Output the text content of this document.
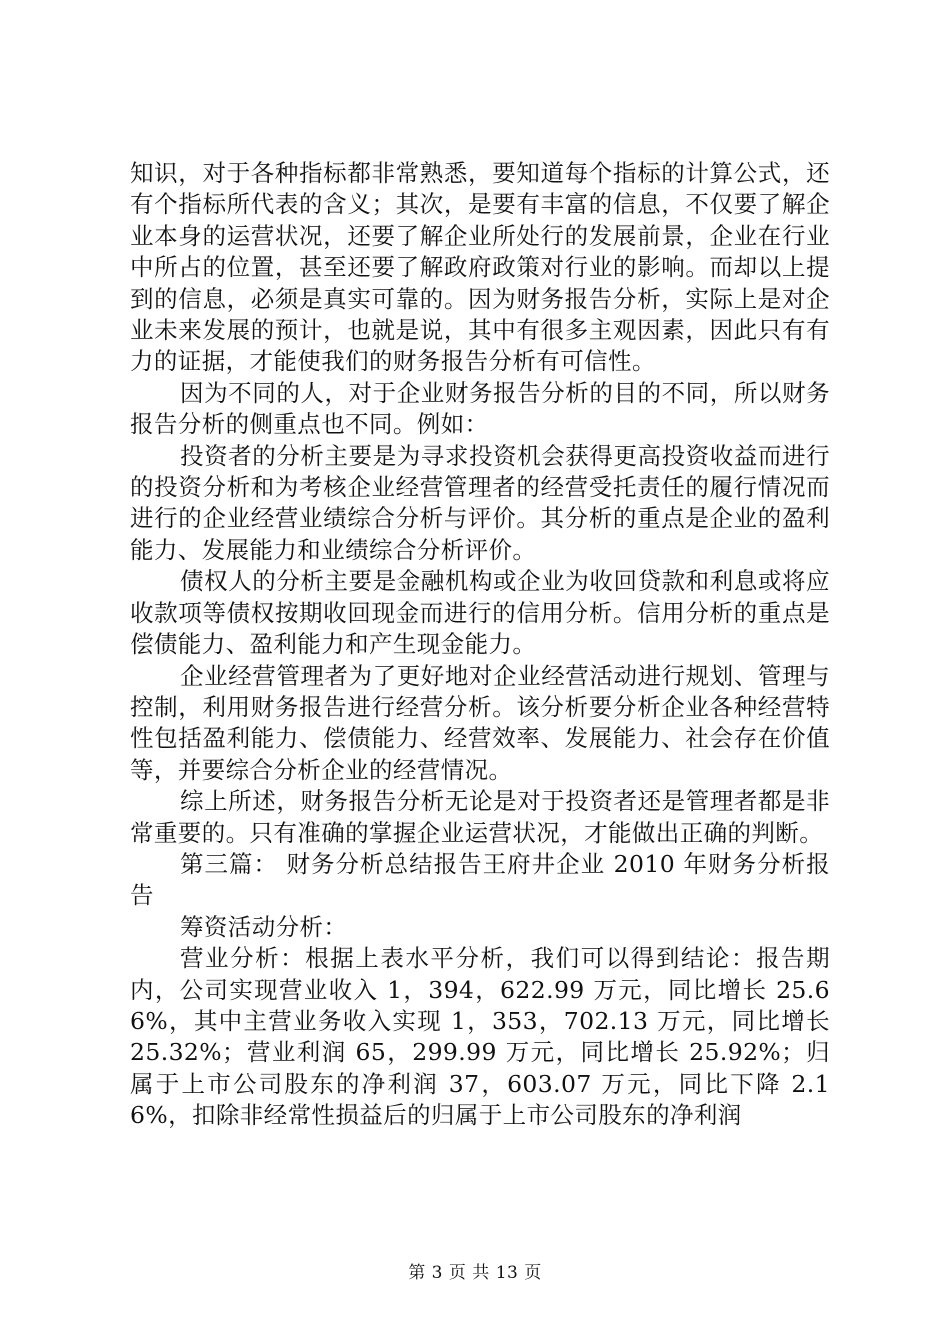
知识，对于各种指标都非常熟悉，要知道每个指标的计算公式，还有个指标所代表的含义；其次，是要有丰富的信息，不仅要了解企业本身的运营状况，还要了解企业所处行的发展前景，企业在行业中所占的位置，甚至还要了解政府政策对行业的影响。而却以上提到的信息，必须是真实可靠的。因为财务报告分析，实际上是对企业未来发展的预计，也就是说，其中有很多主观因素，因此只有有力的证据，才能使我们的财务报告分析有可信性。

因为不同的人，对于企业财务报告分析的目的不同，所以财务报告分析的侧重点也不同。例如：

投资者的分析主要是为寻求投资机会获得更高投资收益而进行的投资分析和为考核企业经营管理者的经营受托责任的履行情况而进行的企业经营业绩综合分析与评价。其分析的重点是企业的盈利能力、发展能力和业绩综合分析评价。

债权人的分析主要是金融机构或企业为收回贷款和利息或将应收款项等债权按期收回现金而进行的信用分析。信用分析的重点是偿债能力、盈利能力和产生现金能力。

企业经营管理者为了更好地对企业经营活动进行规划、管理与控制，利用财务报告进行经营分析。该分析要分析企业各种经营特性包括盈利能力、偿债能力、经营效率、发展能力、社会存在价值等，并要综合分析企业的经营情况。

综上所述，财务报告分析无论是对于投资者还是管理者都是非常重要的。只有准确的掌握企业运营状况，才能做出正确的判断。

第三篇： 财务分析总结报告王府井企业 2010 年财务分析报告

筹资活动分析：

营业分析：根据上表水平分析，我们可以得到结论：报告期内，公司实现营业收入 1，394，622.99 万元，同比增长 25.66%，其中主营业务收入实现 1，353，702.13 万元，同比增长 25.32%；营业利润 65，299.99 万元，同比增长 25.92%；归属于上市公司股东的净利润 37，603.07 万元，同比下降 2.16%，扣除非经常性损益后的归属于上市公司股东的净利润

第 3 页 共 13 页
